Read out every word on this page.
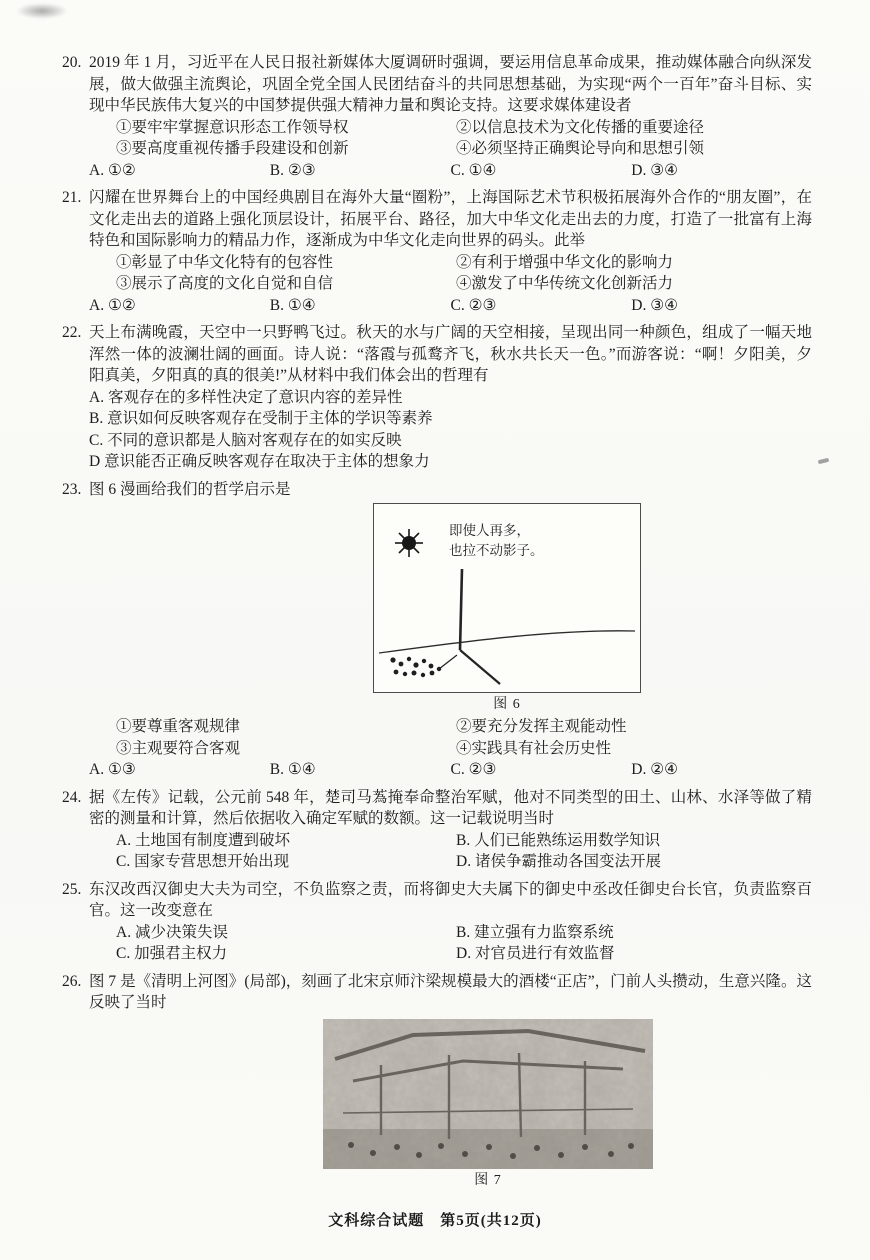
20. 2019 年 1 月，习近平在人民日报社新媒体大厦调研时强调，要运用信息革命成果，推动媒体融合向纵深发展，做大做强主流舆论，巩固全党全国人民团结奋斗的共同思想基础，为实现“两个一百年”奋斗目标、实现中华民族伟大复兴的中国梦提供强大精神力量和舆论支持。这要求媒体建设者

①要牢牢掌握意识形态工作领导权	②以信息技术为文化传播的重要途径
③要高度重视传播手段建设和创新	④必须坚持正确舆论导向和思想引领
A. ①②	B. ②③	C. ①④	D. ③④
21. 闪耀在世界舞台上的中国经典剧目在海外大量“圈粉”，上海国际艺术节积极拓展海外合作的“朋友圈”，在文化走出去的道路上强化顶层设计，拓展平台、路径，加大中华文化走出去的力度，打造了一批富有上海特色和国际影响力的精品力作，逐渐成为中华文化走向世界的码头。此举

①彰显了中华文化特有的包容性	②有利于增强中华文化的影响力
③展示了高度的文化自觉和自信	④激发了中华传统文化创新活力
A. ①②	B. ①④	C. ②③	D. ③④
22. 天上布满晚霞，天空中一只野鸭飞过。秋天的水与广阔的天空相接，呈现出同一种颜色，组成了一幅天地浑然一体的波澜壮阔的画面。诗人说：“落霞与孤鹜齐飞，秋水共长天一色。”而游客说：“啊！夕阳美，夕阳真美，夕阳真的真的很美!”从材料中我们体会出的哲理有

A. 客观存在的多样性决定了意识内容的差异性

B. 意识如何反映客观存在受制于主体的学识等素养

C. 不同的意识都是人脑对客观存在的如实反映

D 意识能否正确反映客观存在取决于主体的想象力

23. 图 6 漫画给我们的哲学启示是

即使人再多，
也拉不动影子。
图 6
①要尊重客观规律	②要充分发挥主观能动性
③主观要符合客观	④实践具有社会历史性
A. ①③	B. ①④	C. ②③	D. ②④
24. 据《左传》记载，公元前 548 年，楚司马蒍掩奉命整治军赋，他对不同类型的田土、山林、水泽等做了精密的测量和计算，然后依据收入确定军赋的数额。这一记载说明当时

A. 土地国有制度遭到破坏	B. 人们已能熟练运用数学知识
C. 国家专营思想开始出现	D. 诸侯争霸推动各国变法开展
25. 东汉改西汉御史大夫为司空，不负监察之责，而将御史大夫属下的御史中丞改任御史台长官，负责监察百官。这一改变意在

A. 减少决策失误	B. 建立强有力监察系统
C. 加强君主权力	D. 对官员进行有效监督
26. 图 7 是《清明上河图》(局部)，刻画了北宋京师汴梁规模最大的酒楼“正店”，门前人头攒动，生意兴隆。这反映了当时

图 7
文科综合试题　第5页(共12页)
